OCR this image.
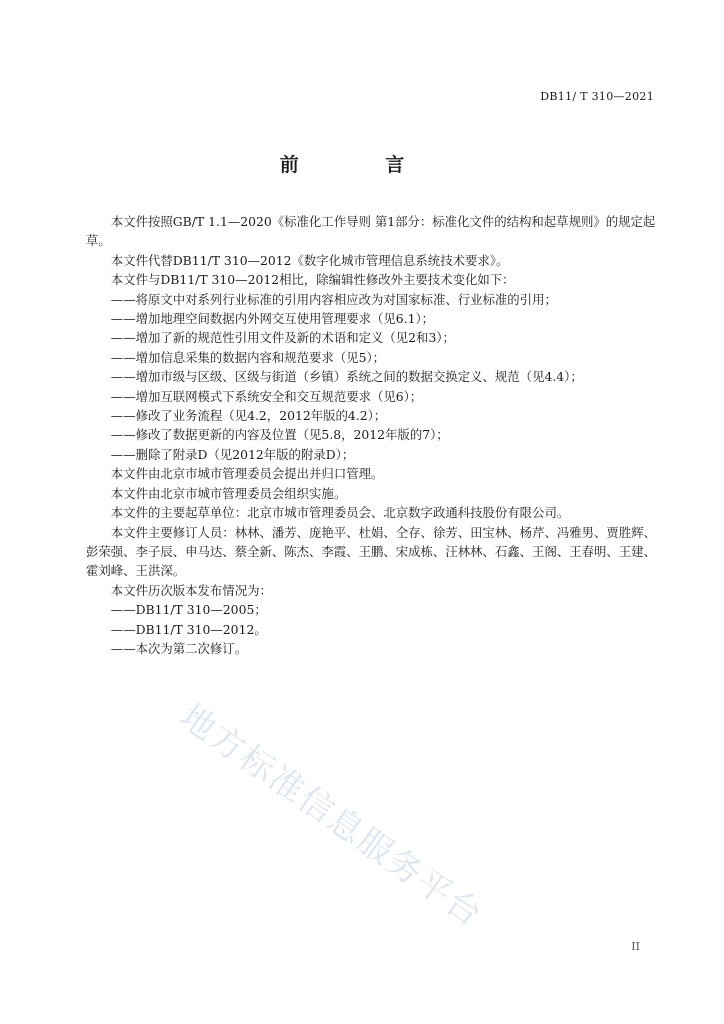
DB11/ T 310—2021
前 言

本文件按照GB/T 1.1—2020《标准化工作导则 第1部分：标准化文件的结构和起草规则》的规定起草。

本文件代替DB11/T 310—2012《数字化城市管理信息系统技术要求》。

本文件与DB11/T 310—2012相比，除编辑性修改外主要技术变化如下：

——将原文中对系列行业标准的引用内容相应改为对国家标准、行业标准的引用；

——增加地理空间数据内外网交互使用管理要求（见6.1）；

——增加了新的规范性引用文件及新的术语和定义（见2和3）；

——增加信息采集的数据内容和规范要求（见5）；

——增加市级与区级、区级与街道（乡镇）系统之间的数据交换定义、规范（见4.4）；

——增加互联网模式下系统安全和交互规范要求（见6）；

——修改了业务流程（见4.2，2012年版的4.2）；

——修改了数据更新的内容及位置（见5.8，2012年版的7）；

——删除了附录D（见2012年版的附录D）；

本文件由北京市城市管理委员会提出并归口管理。

本文件由北京市城市管理委员会组织实施。

本文件的主要起草单位：北京市城市管理委员会、北京数字政通科技股份有限公司。

本文件主要修订人员：林林、潘芳、庞艳平、杜娟、仝存、徐芳、田宝林、杨芹、冯雅男、贾胜辉、彭荣强、李子辰、申马达、蔡全新、陈杰、李霞、王鹏、宋成栋、汪林林、石鑫、王阁、王春明、王建、霍刘峰、王洪深。

本文件历次版本发布情况为：

——DB11/T 310—2005；

——DB11/T 310—2012。

——本次为第二次修订。

地方标准信息服务平台
II
